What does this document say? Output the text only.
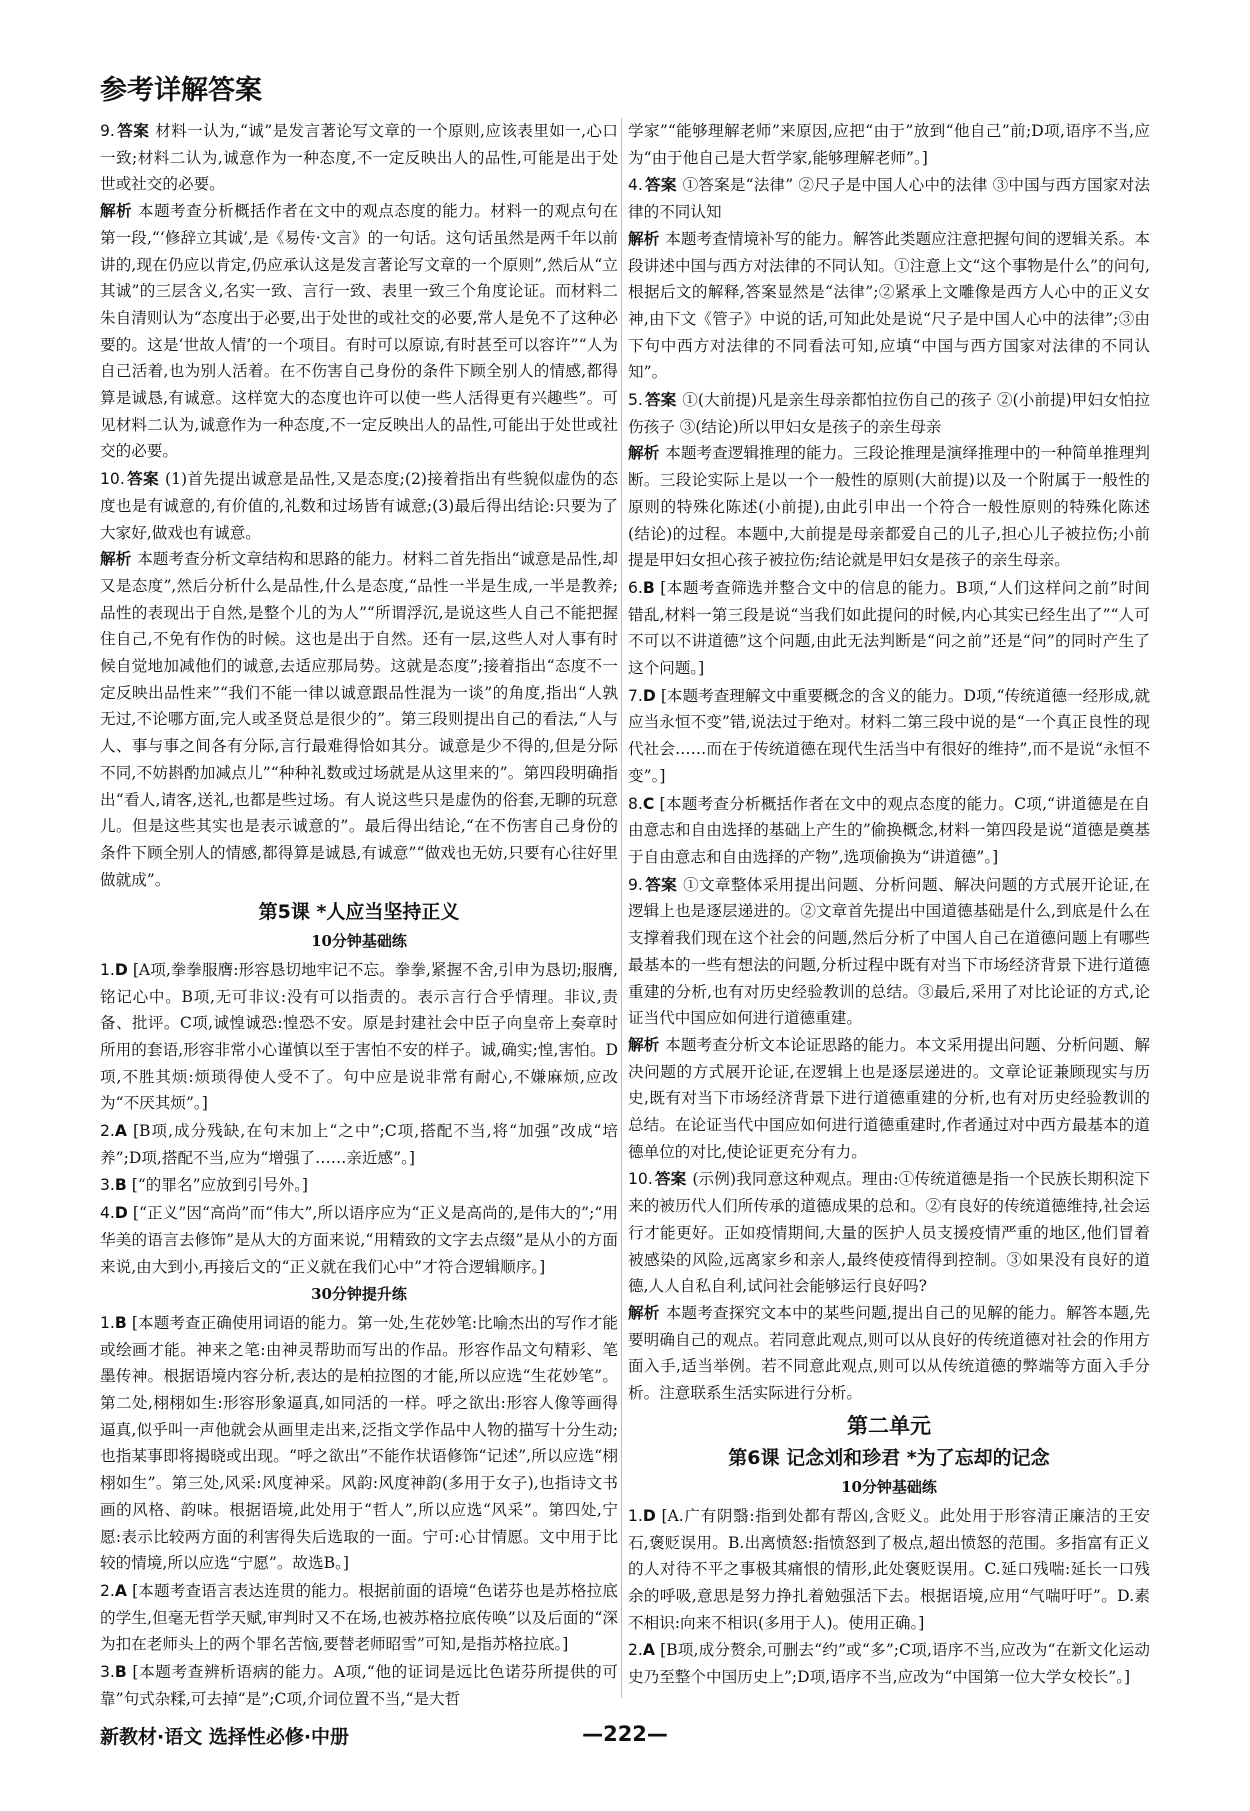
参考详解答案
9. 答案 材料一认为,“诚”是发言著论写文章的一个原则,应该表里如一,心口一致;材料二认为,诚意作为一种态度,不一定反映出人的品性,可能是出于处世或社交的必要。
解析 本题考查分析概括作者在文中的观点态度的能力。材料一的观点句在第一段,“‘修辞立其诚’,是《易传·文言》的一句话。这句话虽然是两千年以前讲的,现在仍应以肯定,仍应承认这是发言著论写文章的一个原则”,然后从“立其诚”的三层含义,名实一致、言行一致、表里一致三个角度论证。而材料二朱自清则认为“态度出于必要,出于处世的或社交的必要,常人是免不了这种必要的。这是‘世故人情’的一个项目。有时可以原谅,有时甚至可以容许”“人为自己活着,也为别人活着。在不伤害自己身份的条件下顾全别人的情感,都得算是诚恳,有诚意。这样宽大的态度也许可以使一些人活得更有兴趣些”。可见材料二认为,诚意作为一种态度,不一定反映出人的品性,可能出于处世或社交的必要。
10. 答案 (1)首先提出诚意是品性,又是态度;(2)接着指出有些貌似虚伪的态度也是有诚意的,有价值的,礼数和过场皆有诚意;(3)最后得出结论:只要为了大家好,做戏也有诚意。
解析 本题考查分析文章结构和思路的能力。材料二首先指出“诚意是品性,却又是态度”,然后分析什么是品性,什么是态度,“品性一半是生成,一半是教养;品性的表现出于自然,是整个儿的为人”“所谓浮沉,是说这些人自己不能把握住自己,不免有作伪的时候。这也是出于自然。还有一层,这些人对人事有时候自觉地加减他们的诚意,去适应那局势。这就是态度”;接着指出“态度不一定反映出品性来”“我们不能一律以诚意跟品性混为一谈”的角度,指出“人孰无过,不论哪方面,完人或圣贤总是很少的”。第三段则提出自己的看法,“人与人、事与事之间各有分际,言行最难得恰如其分。诚意是少不得的,但是分际不同,不妨斟酌加减点儿”“种种礼数或过场就是从这里来的”。第四段明确指出“看人,请客,送礼,也都是些过场。有人说这些只是虚伪的俗套,无聊的玩意儿。但是这些其实也是表示诚意的”。最后得出结论,“在不伤害自己身份的条件下顾全别人的情感,都得算是诚恳,有诚意”“做戏也无妨,只要有心往好里做就成”。
第5课 *人应当坚持正义
10分钟基础练
1.D [A项,拳拳服膺:形容恳切地牢记不忘。拳拳,紧握不舍,引申为恳切;服膺,铭记心中。B项,无可非议:没有可以指责的。表示言行合乎情理。非议,责备、批评。C项,诚惶诚恐:惶恐不安。原是封建社会中臣子向皇帝上奏章时所用的套语,形容非常小心谨慎以至于害怕不安的样子。诚,确实;惶,害怕。D项,不胜其烦:烦琐得使人受不了。句中应是说非常有耐心,不嫌麻烦,应改为“不厌其烦”。]
2.A [B项,成分残缺,在句末加上“之中”;C项,搭配不当,将“加强”改成“培养”;D项,搭配不当,应为“增强了……亲近感”。]
3.B [“的罪名”应放到引号外。]
4.D [“正义”因“高尚”而“伟大”,所以语序应为“正义是高尚的,是伟大的”;“用华美的语言去修饰”是从大的方面来说,“用精致的文字去点缀”是从小的方面来说,由大到小,再接后文的“正义就在我们心中”才符合逻辑顺序。]
30分钟提升练
1.B [本题考查正确使用词语的能力。第一处,生花妙笔:比喻杰出的写作才能或绘画才能。神来之笔:由神灵帮助而写出的作品。形容作品文句精彩、笔墨传神。根据语境内容分析,表达的是柏拉图的才能,所以应选“生花妙笔”。第二处,栩栩如生:形容形象逼真,如同活的一样。呼之欲出:形容人像等画得逼真,似乎叫一声他就会从画里走出来,泛指文学作品中人物的描写十分生动;也指某事即将揭晓或出现。“呼之欲出”不能作状语修饰“记述”,所以应选“栩栩如生”。第三处,风采:风度神采。风韵:风度神韵(多用于女子),也指诗文书画的风格、韵味。根据语境,此处用于“哲人”,所以应选“风采”。第四处,宁愿:表示比较两方面的利害得失后选取的一面。宁可:心甘情愿。文中用于比较的情境,所以应选“宁愿”。故选B。]
2.A [本题考查语言表达连贯的能力。根据前面的语境“色诺芬也是苏格拉底的学生,但毫无哲学天赋,审判时又不在场,也被苏格拉底传唤”以及后面的“深为扣在老师头上的两个罪名苦恼,要替老师昭雪”可知,是指苏格拉底。]
3.B [本题考查辨析语病的能力。A项,“他的证词是远比色诺芬所提供的可靠”句式杂糅,可去掉“是”;C项,介词位置不当,“是大哲
学家”“能够理解老师”来原因,应把“由于”放到“他自己”前;D项,语序不当,应为“由于他自己是大哲学家,能够理解老师”。]
4. 答案 ①答案是“法律” ②尺子是中国人心中的法律 ③中国与西方国家对法律的不同认知
解析 本题考查情境补写的能力。解答此类题应注意把握句间的逻辑关系。本段讲述中国与西方对法律的不同认知。①注意上文“这个事物是什么”的问句,根据后文的解释,答案显然是“法律”;②紧承上文雕像是西方人心中的正义女神,由下文《管子》中说的话,可知此处是说“尺子是中国人心中的法律”;③由下句中西方对法律的不同看法可知,应填“中国与西方国家对法律的不同认知”。
5. 答案 ①(大前提)凡是亲生母亲都怕拉伤自己的孩子 ②(小前提)甲妇女怕拉伤孩子 ③(结论)所以甲妇女是孩子的亲生母亲
解析 本题考查逻辑推理的能力。三段论推理是演绎推理中的一种简单推理判断。三段论实际上是以一个一般性的原则(大前提)以及一个附属于一般性的原则的特殊化陈述(小前提),由此引申出一个符合一般性原则的特殊化陈述(结论)的过程。本题中,大前提是母亲都爱自己的儿子,担心儿子被拉伤;小前提是甲妇女担心孩子被拉伤;结论就是甲妇女是孩子的亲生母亲。
6.B [本题考查筛选并整合文中的信息的能力。B项,“人们这样问之前”时间错乱,材料一第三段是说“当我们如此提问的时候,内心其实已经生出了”“人可不可以不讲道德”这个问题,由此无法判断是“问之前”还是“问”的同时产生了这个问题。]
7.D [本题考查理解文中重要概念的含义的能力。D项,“传统道德一经形成,就应当永恒不变”错,说法过于绝对。材料二第三段中说的是“一个真正良性的现代社会……而在于传统道德在现代生活当中有很好的维持”,而不是说“永恒不变”。]
8.C [本题考查分析概括作者在文中的观点态度的能力。C项,“讲道德是在自由意志和自由选择的基础上产生的”偷换概念,材料一第四段是说“道德是奠基于自由意志和自由选择的产物”,选项偷换为“讲道德”。]
9. 答案 ①文章整体采用提出问题、分析问题、解决问题的方式展开论证,在逻辑上也是逐层递进的。②文章首先提出中国道德基础是什么,到底是什么在支撑着我们现在这个社会的问题,然后分析了中国人自己在道德问题上有哪些最基本的一些有想法的问题,分析过程中既有对当下市场经济背景下进行道德重建的分析,也有对历史经验教训的总结。③最后,采用了对比论证的方式,论证当代中国应如何进行道德重建。
解析 本题考查分析文本论证思路的能力。本文采用提出问题、分析问题、解决问题的方式展开论证,在逻辑上也是逐层递进的。文章论证兼顾现实与历史,既有对当下市场经济背景下进行道德重建的分析,也有对历史经验教训的总结。在论证当代中国应如何进行道德重建时,作者通过对中西方最基本的道德单位的对比,使论证更充分有力。
10. 答案 (示例)我同意这种观点。理由:①传统道德是指一个民族长期积淀下来的被历代人们所传承的道德成果的总和。②有良好的传统道德维持,社会运行才能更好。正如疫情期间,大量的医护人员支援疫情严重的地区,他们冒着被感染的风险,远离家乡和亲人,最终使疫情得到控制。③如果没有良好的道德,人人自私自利,试问社会能够运行良好吗?
解析 本题考查探究文本中的某些问题,提出自己的见解的能力。解答本题,先要明确自己的观点。若同意此观点,则可以从良好的传统道德对社会的作用方面入手,适当举例。若不同意此观点,则可以从传统道德的弊端等方面入手分析。注意联系生活实际进行分析。
第二单元
第6课 记念刘和珍君 *为了忘却的记念
10分钟基础练
1.D [A.广有阴翳:指到处都有帮凶,含贬义。此处用于形容清正廉洁的王安石,褒贬误用。B.出离愤怒:指愤怒到了极点,超出愤怒的范围。多指富有正义的人对待不平之事极其痛恨的情形,此处褒贬误用。C.延口残喘:延长一口残余的呼吸,意思是努力挣扎着勉强活下去。根据语境,应用“气喘吁吁”。D.素不相识:向来不相识(多用于人)。使用正确。]
2.A [B项,成分赘余,可删去“约”或“多”;C项,语序不当,应改为“在新文化运动史乃至整个中国历史上”;D项,语序不当,应改为“中国第一位大学女校长”。]
新教材·语文 选择性必修·中册	—222—
